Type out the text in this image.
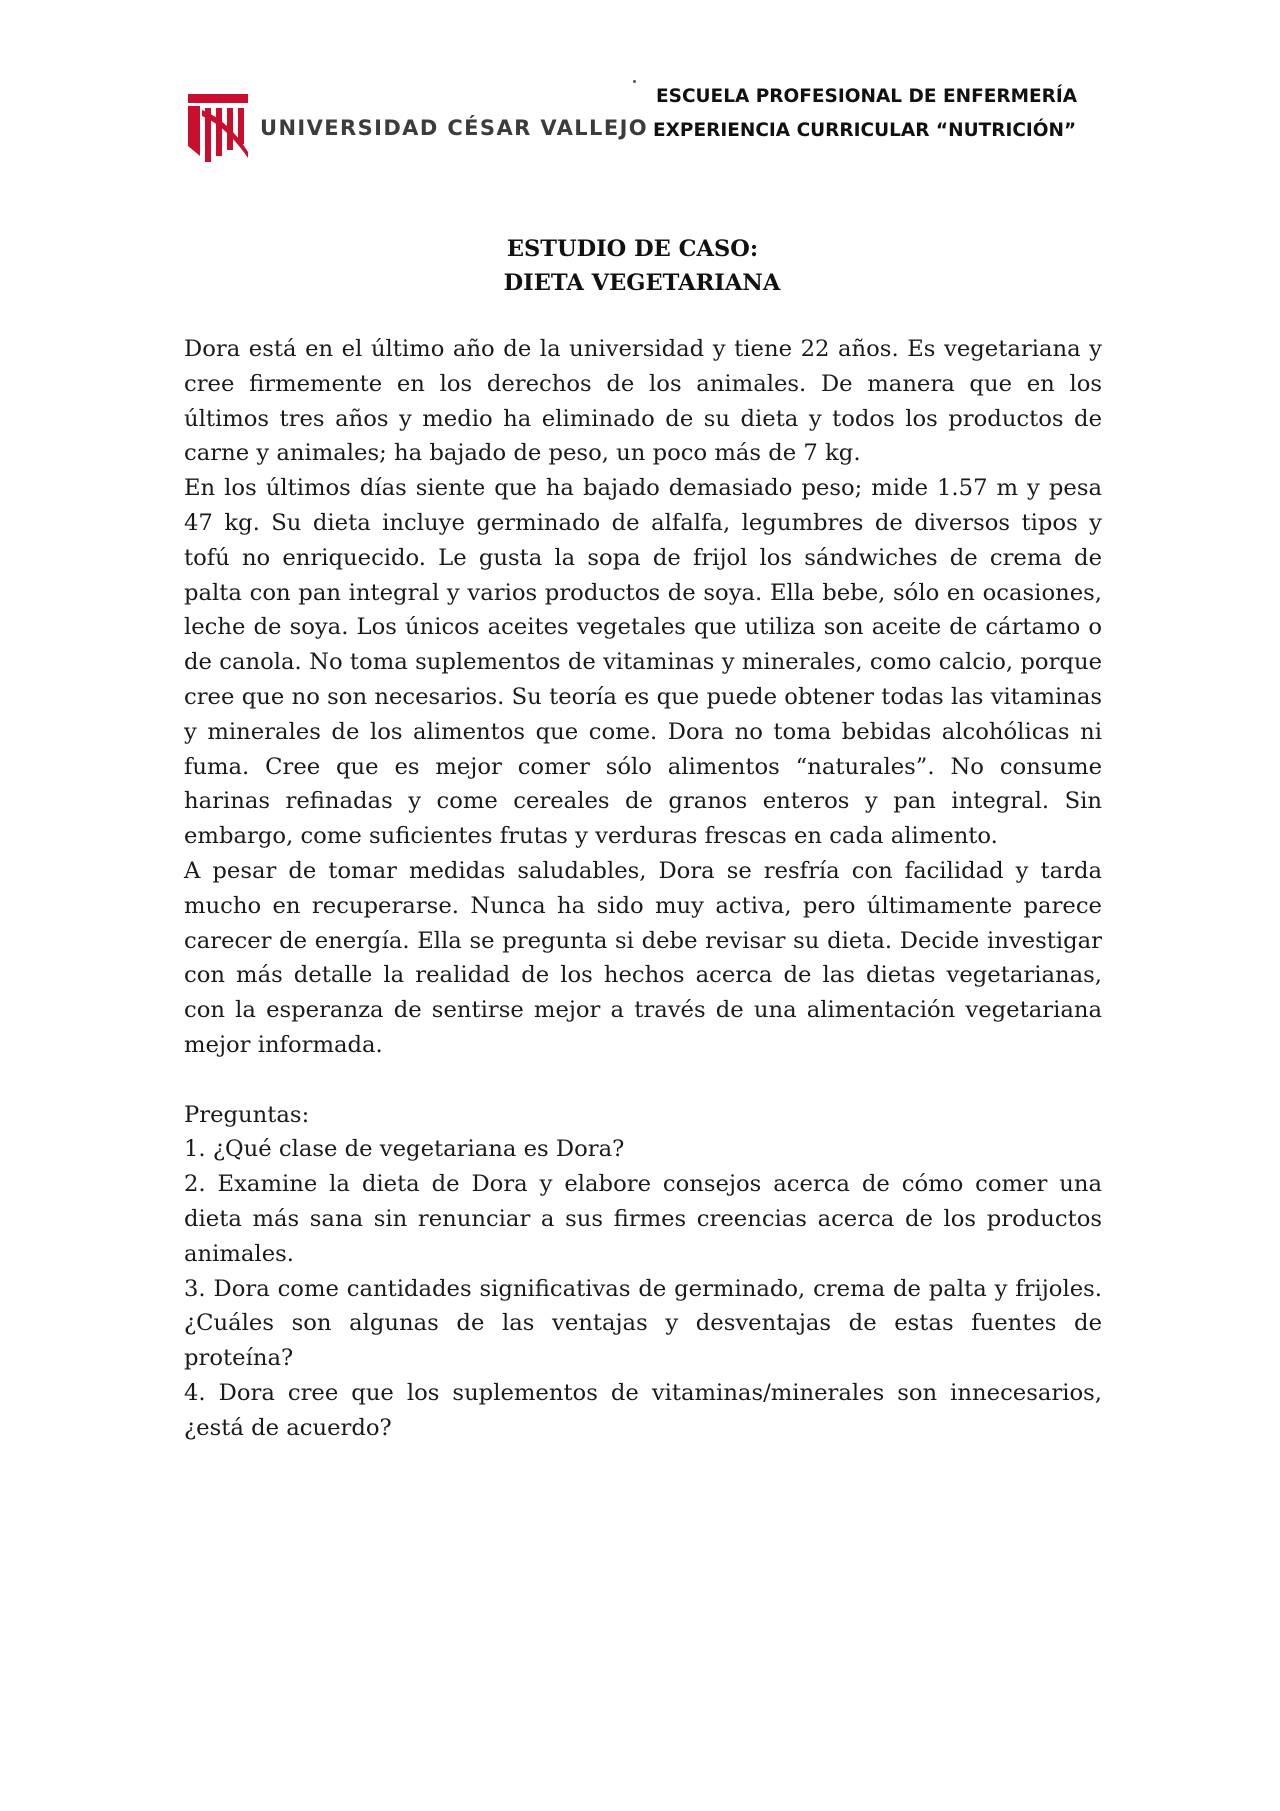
UNIVERSIDAD CÉSAR VALLEJO
ESCUELA PROFESIONAL DE ENFERMERÍA
EXPERIENCIA CURRICULAR “NUTRICIÓN”
ESTUDIO DE CASO:
DIETA VEGETARIANA

Dora está en el último año de la universidad y tiene 22 años. Es vegetariana y cree firmemente en los derechos de los animales. De manera que en los últimos tres años y medio ha eliminado de su dieta y todos los productos de carne y animales; ha bajado de peso, un poco más de 7 kg.

En los últimos días siente que ha bajado demasiado peso; mide 1.57 m y pesa 47 kg. Su dieta incluye germinado de alfalfa, legumbres de diversos tipos y tofú no enriquecido. Le gusta la sopa de frijol los sándwiches de crema de palta con pan integral y varios productos de soya. Ella bebe, sólo en ocasiones, leche de soya. Los únicos aceites vegetales que utiliza son aceite de cártamo o de canola. No toma suplementos de vitaminas y minerales, como calcio, porque cree que no son necesarios. Su teoría es que puede obtener todas las vitaminas y minerales de los alimentos que come. Dora no toma bebidas alcohólicas ni fuma. Cree que es mejor comer sólo alimentos “naturales”. No consume harinas refinadas y come cereales de granos enteros y pan integral. Sin embargo, come suficientes frutas y verduras frescas en cada alimento.

A pesar de tomar medidas saludables, Dora se resfría con facilidad y tarda mucho en recuperarse. Nunca ha sido muy activa, pero últimamente parece carecer de energía. Ella se pregunta si debe revisar su dieta. Decide investigar con más detalle la realidad de los hechos acerca de las dietas vegetarianas, con la esperanza de sentirse mejor a través de una alimentación vegetariana mejor informada.

Preguntas:

1. ¿Qué clase de vegetariana es Dora?

2. Examine la dieta de Dora y elabore consejos acerca de cómo comer una dieta más sana sin renunciar a sus firmes creencias acerca de los productos animales.

3. Dora come cantidades significativas de germinado, crema de palta y frijoles. ¿Cuáles son algunas de las ventajas y desventajas de estas fuentes de proteína?

4. Dora cree que los suplementos de vitaminas/minerales son innecesarios, ¿está de acuerdo?
